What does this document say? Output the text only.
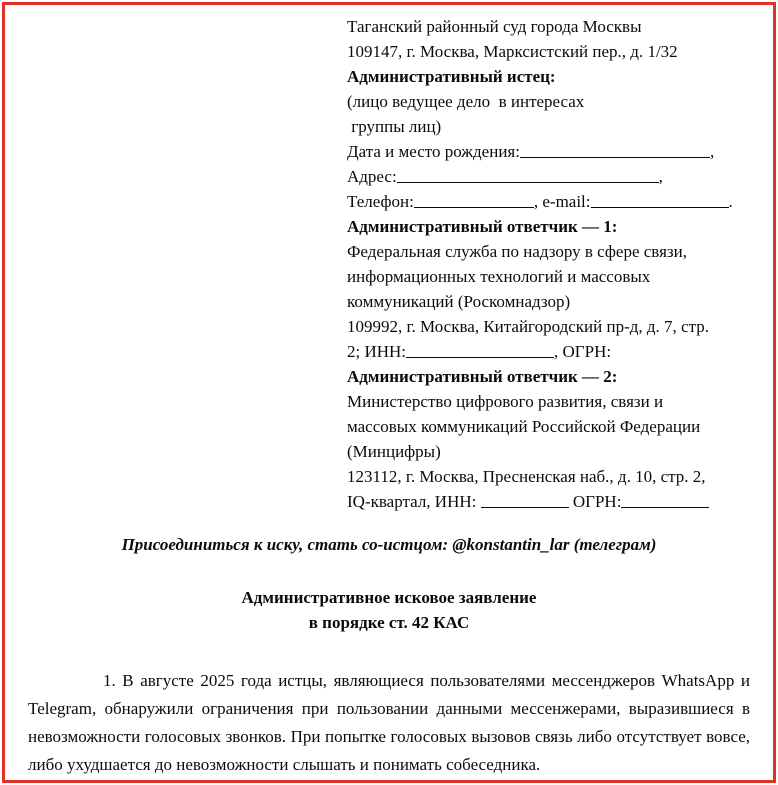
Таганский районный суд города Москвы
109147, г. Москва, Марксистский пер., д. 1/32
Административный истец:
(лицо ведущее дело  в интересах
группы лиц)
Дата и место рождения:	,
Адрес:	,
Телефон:	, e-mail:	.
Административный ответчик — 1:
Федеральная служба по надзору в сфере связи,
информационных технологий и массовых
коммуникаций (Роскомнадзор)
109992, г. Москва, Китайгородский пр-д, д. 7, стр.
2; ИНН:	, ОГРН:
Административный ответчик — 2:
Министерство цифрового развития, связи и
массовых коммуникаций Российской Федерации
(Минцифры)
123112, г. Москва, Пресненская наб., д. 10, стр. 2,
IQ-квартал, ИНН:	ОГРН:
Присоединиться к иску, стать со-истцом: @konstantin_lar (телеграм)
Административное исковое заявление
в порядке ст. 42 КАС

1. В августе 2025 года истцы, являющиеся пользователями мессенджеров WhatsApp и Telegram, обнаружили ограничения при пользовании данными мессенжерами, выразившиеся в невозможности голосовых звонков. При попытке голосовых вызовов связь либо отсутствует вовсе, либо ухудшается до невозможности слышать и понимать собеседника.
